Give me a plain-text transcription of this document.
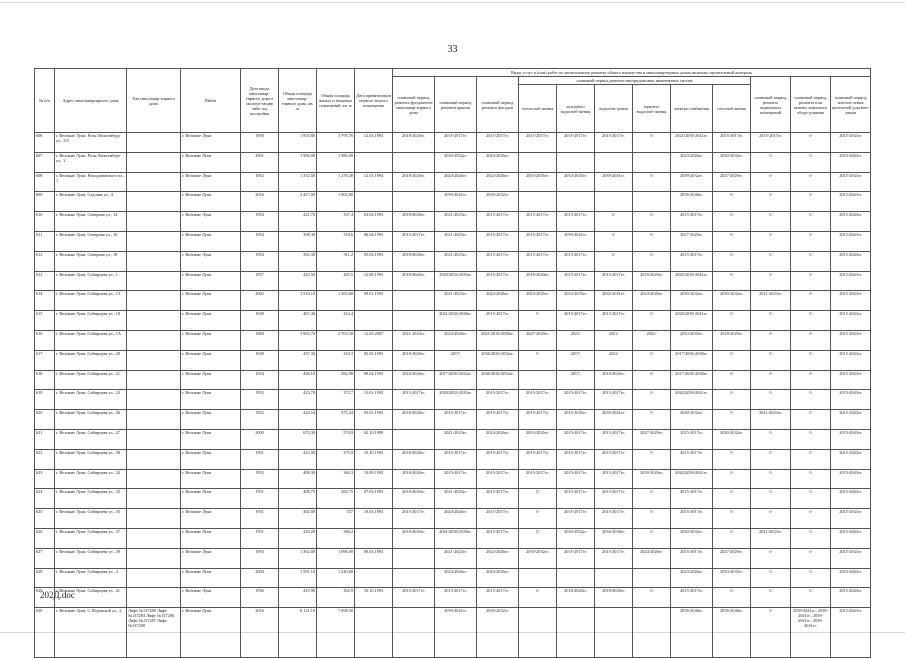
33
№ п/п	Адрес многоквартирного дома	Тип многоквар-тирного дома	Район	Дата ввода многоквар-тирного дома в эксплуа-тацию либо год постройки	Общая площадь многоквар-тирного дома, кв. м	Общая площадь жилых и нежилых помещений, кв. м	Дата приватизации первого жилого помещения	Виды услуг и (или) работ по капитальному ремонту общего имущества в многоквартирных домах включая строительный контроль											
								плановый период ремонта фундамента многоквар-тирного дома	плановый период ремонта крыши	плановый период ремонта фасадов	плановый период ремонта внутридомовых инженерных систем						плановый период ремонта подвальных помещений	плановый период ремонта или замены лифтового обору-дования	плановый период изготов-ления проектной докумен-тации
											теплоснаб-жения	холодного водоснаб-жения	водоотве-дения	горячего водоснаб-жения	электро-снабжения	газоснаб-жения			
606	г. Великие Луки, Розы Люксембург ул., 3/3		г. Великие Луки	1959	1 953,86	1 795,76	12.03.1993	2018-2020гг.	2015-2017гг.	2015-2017гг.	2015-2017гг.	2015-2017гг.	2015-2017гг.	0	2021/2039-2041гг.	2015-2017гг.	2015-2017гг.	0	2015-2043гг.
607	г. Великие Луки, Розы Люксембург ул., 2		г. Великие Луки	2001	1 986,00	1 986,00			2030-2032гг.	2024-2026гг.					2024-2026гг.	2030-2032гг.	0	0	2023-2043гг.
608	г. Великие Луки, Ромодановского пл., 1		г. Великие Луки	1952	1 352,50	1 278,40	12.01.1994	2018-2020гг.	2024-2026гг.	2024-2026гг.	2033-2035гг.	2033-2035гг.	2039-2041гг.	0	2039-2032гг.	2027-2029гг.	0	0	2015-2043гг.
609	г. Великие Луки, Садовая ул., 3		г. Великие Луки	2016	2 427,00	1 902,00			2039-2041гг.	2030-2032гг.					2036-2038гг.	0	0	0	2015-2043гг.
610	г. Великие Луки, Северная ул., 14		г. Великие Луки	1954	421,70	337,4	03.04.1993	2018-2020гг.	2021-2023гг.	2015-2017гг.	2015-2017гг.	2015-2017гг.	0	0	2015-2017гг.	0	0	0	2015-2043гг.
611	г. Великие Луки, Северная ул., 16		г. Великие Луки	1954	398,30	318,6	06.04.1993	2015-2017гг.	2021-2023гг.	2015-2017гг.	2015-2017гг.	2039-2041гг.	0	0	2027-2029гг.	0	0	0	2015-2043гг.
612	г. Великие Луки, Северная ул., 18		г. Великие Луки	1954	392,30	311,2	05.03.1993	2018-2020гг.	2021-2023гг.	2015-2017гг.	2015-2017гг.	2015-2017гг.	0	0	2015-2017гг.	0	0	0	2015-2043гг.
613	г. Великие Луки, Сибирцева ул., 1		г. Великие Луки	1957	443,50	405,5	12.08.1993	2018-2020гг.	2020/2033-2035гг.	2015-2017гг.	2018-2020гг.	2015-2017гг.	2015-2017гг.	2018-2020гг.	2020/2039-2041гг.	0	0	0	2015-2043гг.
614	г. Великие Луки, Сибирцева ул., 13		г. Великие Луки	2002	1 519,10	1 393,60	09.01.1993		2021-2023гг.	2024-2026гг.	2033-2035гг.	2033-2035гг.	2039-2041гг.	2024-2026гг.	2030-2032гг.	2030-2032гг.	2021-2023гг.	0	2015-2043гг.
615	г. Великие Луки, Сибирцева ул., 18		г. Великие Луки	1948	467,40	414,4			2021/2036-2038гг.	2015-2017гг.	0	2015-2017гг.	2015-2017гг.	0	2020/2039-2041гг.	0	0	0	2015-2043гг.
616	г. Великие Луки, Сибирцева ул., 1А		г. Великие Луки	1968	3 963,70	2 703,30	12.03.2007	2021-2023гг.	2024-2026гг.	2021/2036-2038гг.	2027-2029гг.	2021/	2021/	2021/	2033-2035гг.	2018-2020гг.	0	0	2015-2043гг.
617	г. Великие Луки, Сибирцева ул., 20		г. Великие Луки	1948	437,30	410,3	05.03.1993	2018-2020гг.	2017/	2036/2030-2032гг.	0	2017/	2021/	0	2017/2036-2038гг.	0	0	0	2015-2043гг.
618	г. Великие Луки, Сибирцева ул., 21		г. Великие Луки	1954	436,10	382,98	08.04.1993	2024-2026гг.	2017/2030-2032гг.	2036/2030-2032гг.		2017/	2018-2020гг.	0	2017/2036-2038гг.	0	0	0	2015-2043гг.
619	г. Великие Луки, Сибирцева ул., 23		г. Великие Луки	1952	423,70	373,7	15.01.1993	2015-2017гг.	2020/2033-2035гг.	2015-2017гг.	2015-2017гг.	2015-2017гг.	2015-2017гг.	0	2020/2039-2041гг.	0	0	0	2015-2043гг.
620	г. Великие Луки, Сибирцева ул., 26		г. Великие Луки	1952	424,54	375,24	05.01.1993	2018-2020гг.	2015-2017гг.	2015-2017гг.	2015-2017гг.	2015-2035гг.	2039-2041гг.	0	2030-2032гг.	0	2021-2023гг.	0	2015-2043гг.
621	г. Великие Луки, Сибирцева ул., 27		г. Великие Луки	2000	670,30	574,9	02.10.1999		2021-2023гг.	2024-2026гг.	2033-2035гг.	2015-2017гг.	2015-2017гг.	2027-2029гг.	2015-2017гг.	2030-2032гг.	0	0	2015-2043гг.
622	г. Великие Луки, Сибирцева ул., 28		г. Великие Луки	1951	423,90	375,9	10.10.1993	2018-2020гг.	2015-2017гг.	2015-2017гг.	2015-2017гг.	2015-2017гг.	2015-2017гг.	0	2015-2017гг.	0	0	0	2015-2043гг.
623	г. Великие Луки, Сибирцева ул., 32		г. Великие Луки	1952	408,30	364,3	10.09.1993	2018-2020гг.	2015-2017гг.	2015-2017гг.	2015-2017гг.	2015-2017гг.	2015-2017гг.	2018-2020гг.	2020/2039-2041гг.	0	0	0	2015-2043гг.
624	г. Великие Луки, Сибирцева ул., 33		г. Великие Луки	1951	408,75	365,75	07.03.1993	2018-2020гг.	2021-2023гг.	2015-2017гг.	0	2015-2017гг.	2015-2017гг.	0	2015-2017гг.	0	0	0	2015-2043гг.
625	г. Великие Луки, Сибирцева ул., 35		г. Великие Луки	1951	402,00	357	10.03.1993	2015-2017гг.	2024-2026гг.	2015-2017гг.	0	2015-2017гг.	2015-2017гг.	0	2015-2017гг.	0	0	0	2015-2043гг.
626	г. Великие Луки, Сибирцева ул., 37		г. Великие Луки	1951	410,20	360,2		2018-2020гг.	2021/2036-2038гг.	2015-2017гг.	0	2030-2032гг.	2036-2038гг.	0	2030-2032гг.	0	2021-2023гг.	0	2015-2043гг.
627	г. Великие Луки, Сибирцева ул., 39		г. Великие Луки	1993	1 362,00	1 096,00	09.03.1993		2021-2023гг.	2024-2026гг.	2030-2032гг.	2015-2017гг.	2015-2017гг.	2024-2026гг.	2015-2017гг.	2027-2029гг.	0	0	2015-2043гг.
628	г. Великие Луки, Сибирцева ул., 4		г. Великие Луки	2004	1 581,10	1 240,60			2024-2026гг.	2024-2026гг.					2024-2026гг.	2033-2035гг.	0	0	2023-2043гг.
629	г. Великие Луки, Сибирцева ул., 41		г. Великие Луки	1956	415,90	365,9	10.10.1993	2015-2017гг.	2015-2017гг.	2015-2017гг.	0	2018-2020гг.	2018-2020гг.	0	2015-2017гг.	0	0	0	2015-2043гг.
630	г. Великие Луки, С.Перовской ул., 2	Лифт №137280 Лифт №137284 Лифт №137286 Лифт №137287 Лифт №137290	г. Великие Луки	2016	8 121,10	7 098,30			2039-2041гг.	2030-2032гг.					2036-2038гг.	2036-2038гг.	0	2039-2041гг., 2039-2041гг., 2039-2041гг., 2039-2041гг.	2015-2043гг.
202Д.doc
